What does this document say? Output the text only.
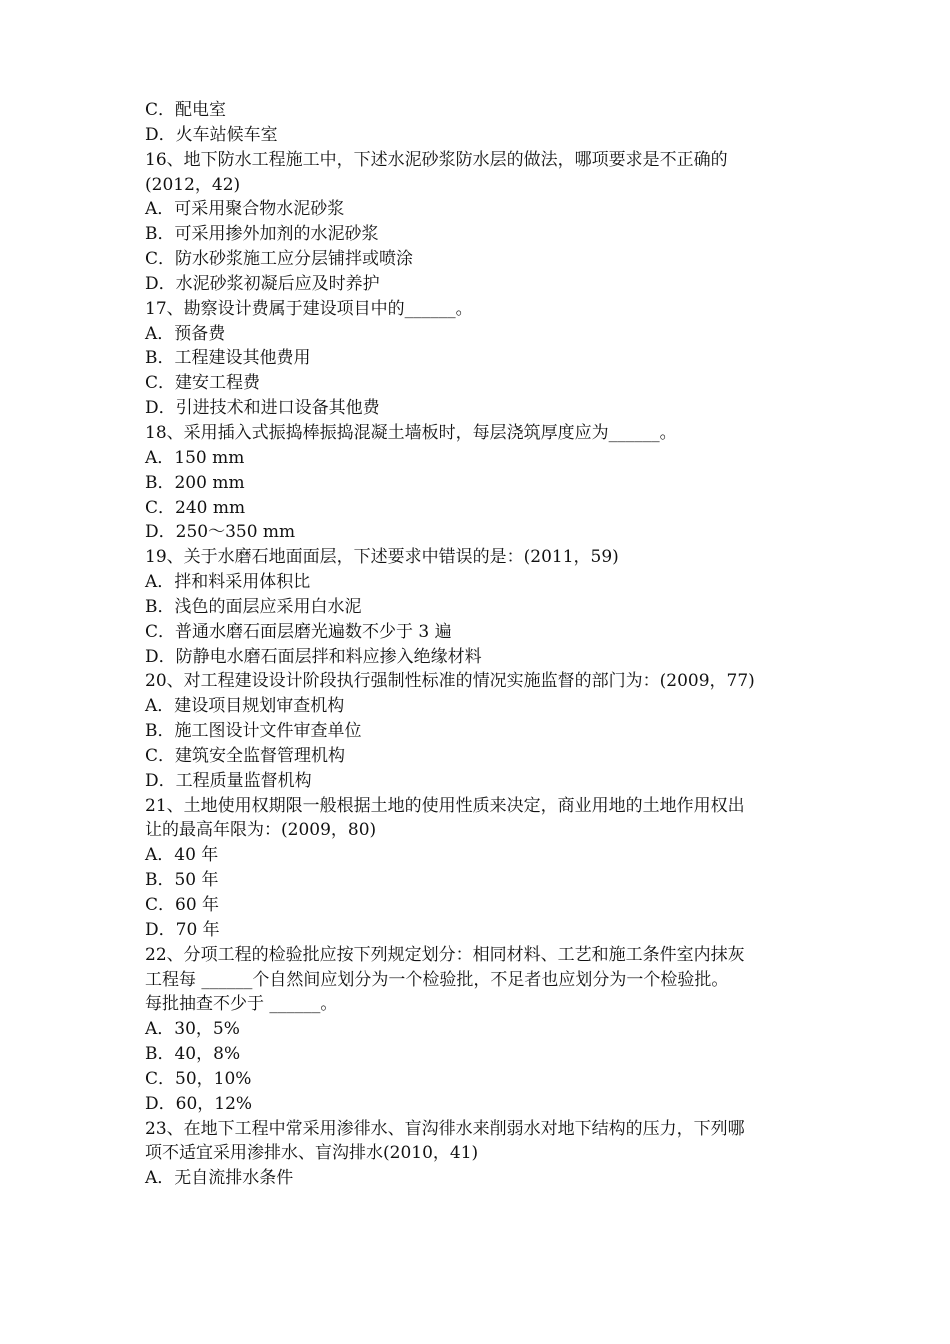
C．配电室

D．火车站候车室

16、地下防水工程施工中，下述水泥砂浆防水层的做法，哪项要求是不正确的

(2012，42)

A．可采用聚合物水泥砂浆

B．可采用掺外加剂的水泥砂浆

C．防水砂浆施工应分层铺拌或喷涂

D．水泥砂浆初凝后应及时养护

17、勘察设计费属于建设项目中的______。

A．预备费

B．工程建设其他费用

C．建安工程费

D．引进技术和进口设备其他费

18、采用插入式振捣棒振捣混凝土墙板时，每层浇筑厚度应为______。

A．150 mm

B．200 mm

C．240 mm

D．250～350 mm

19、关于水磨石地面面层，下述要求中错误的是：(2011，59)

A．拌和料采用体积比

B．浅色的面层应采用白水泥

C．普通水磨石面层磨光遍数不少于 3 遍

D．防静电水磨石面层拌和料应掺入绝缘材料

20、对工程建设设计阶段执行强制性标准的情况实施监督的部门为：(2009，77)

A．建设项目规划审查机构

B．施工图设计文件审查单位

C．建筑安全监督管理机构

D．工程质量监督机构

21、土地使用权期限一般根据土地的使用性质来决定，商业用地的土地作用权出

让的最高年限为：(2009，80)

A．40 年

B．50 年

C．60 年

D．70 年

22、分项工程的检验批应按下列规定划分：相同材料、工艺和施工条件室内抹灰

工程每 ______个自然间应划分为一个检验批，不足者也应划分为一个检验批。

每批抽查不少于 ______。

A．30，5%

B．40，8%

C．50，10%

D．60，12%

23、在地下工程中常采用渗徘水、盲沟徘水来削弱水对地下结构的压力，下列哪

项不适宜采用渗排水、盲沟排水(2010，41)

A．无自流排水条件
